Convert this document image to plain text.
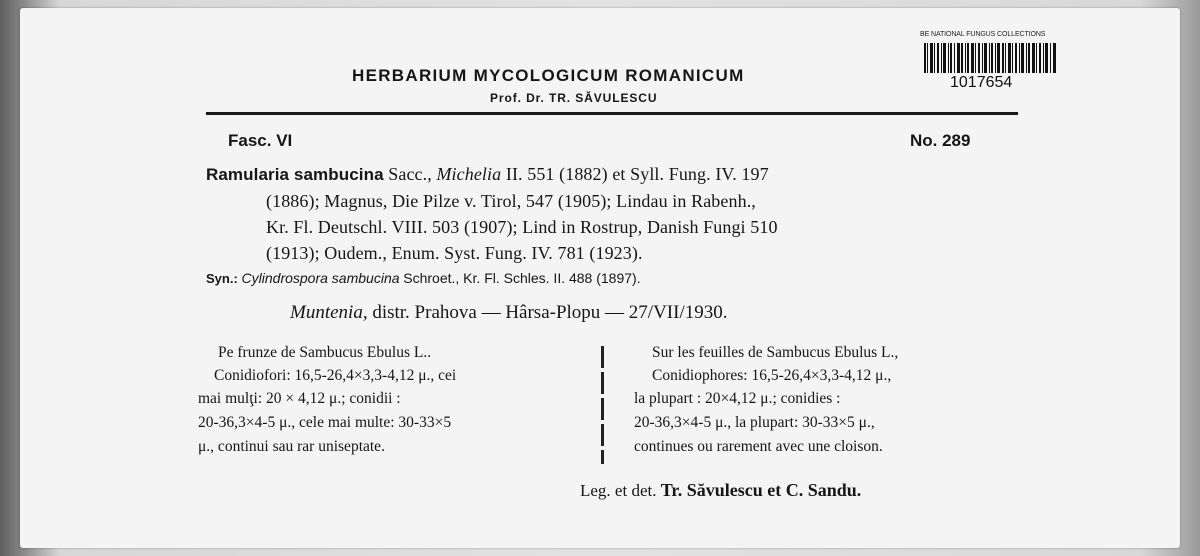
HERBARIUM MYCOLOGICUM ROMANICUM
Prof. Dr. TR. SĂVULESCU
BE NATIONAL FUNGUS COLLECTIONS
1017654
Fasc. VI	No. 289
Ramularia sambucina Sacc., Michelia II. 551 (1882) et Syll. Fung. IV. 197
(1886); Magnus, Die Pilze v. Tirol, 547 (1905); Lindau in Rabenh.,
Kr. Fl. Deutschl. VIII. 503 (1907); Lind in Rostrup, Danish Fungi 510
(1913); Oudem., Enum. Syst. Fung. IV. 781 (1923).
Syn.: Cylindrospora sambucina Schroet., Kr. Fl. Schles. II. 488 (1897).
Muntenia, distr. Prahova — Hârsa-Plopu — 27/VII/1930.
Pe frunze de Sambucus Ebulus L..
Conidiofori: 16,5-26,4×3,3-4,12 μ., cei
mai mulţi: 20 × 4,12 μ.; conidii :
20-36,3×4-5 μ., cele mai multe: 30-33×5
μ., continui sau rar uniseptate.
Sur les feuilles de Sambucus Ebulus L.,
Conidiophores: 16,5-26,4×3,3-4,12 μ.,
la plupart : 20×4,12 μ.; conidies :
20-36,3×4-5 μ., la plupart: 30-33×5 μ.,
continues ou rarement avec une cloison.
Leg. et det. Tr. Săvulescu et C. Sandu.
